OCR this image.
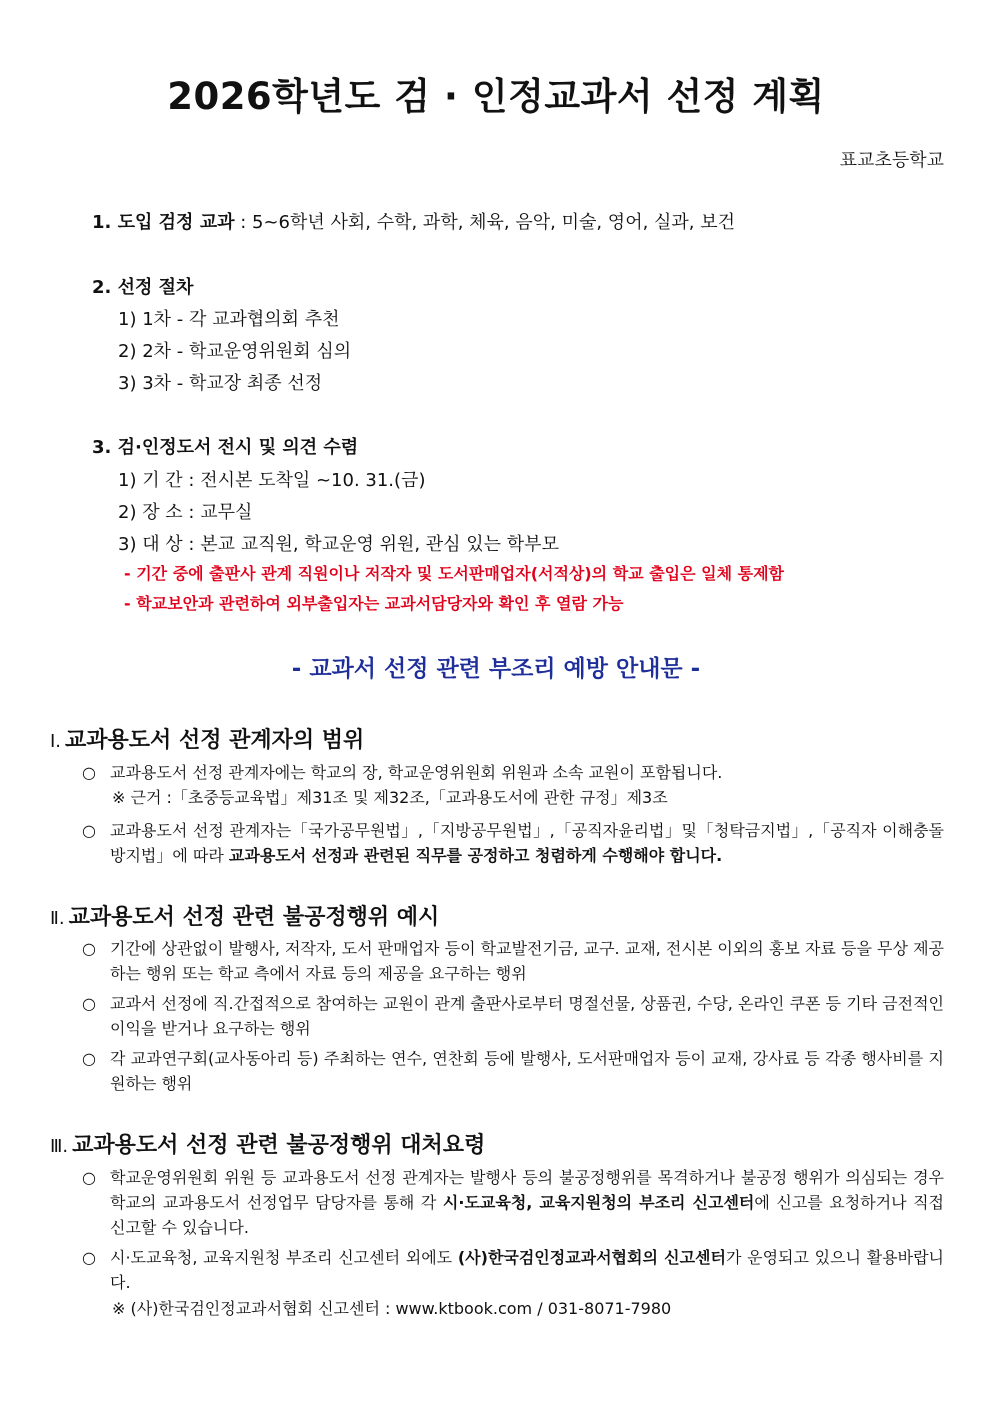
2026학년도 검 · 인정교과서 선정 계획
표교초등학교
1. 도입 검정 교과 : 5~6학년 사회, 수학, 과학, 체육, 음악, 미술, 영어, 실과, 보건
2. 선정 절차
1) 1차 - 각 교과협의회 추천
2) 2차 - 학교운영위원회 심의
3) 3차 - 학교장 최종 선정
3. 검·인정도서 전시 및 의견 수렴
1) 기 간 : 전시본 도착일 ~10. 31.(금)
2) 장 소 : 교무실
3) 대 상 : 본교 교직원, 학교운영 위원, 관심 있는 학부모
- 기간 중에 출판사 관계 직원이나 저작자 및 도서판매업자(서적상)의 학교 출입은 일체 통제함
- 학교보안과 관련하여 외부출입자는 교과서담당자와 확인 후 열람 가능
- 교과서 선정 관련 부조리 예방 안내문 -
Ⅰ. 교과용도서 선정 관계자의 범위
○ 교과용도서 선정 관계자에는 학교의 장, 학교운영위원회 위원과 소속 교원이 포함됩니다.
※ 근거 :「초중등교육법」제31조 및 제32조,「교과용도서에 관한 규정」제3조
○ 교과용도서 선정 관계자는「국가공무원법」,「지방공무원법」,「공직자윤리법」및「청탁금지법」,「공직자 이해충돌방지법」에 따라 교과용도서 선정과 관련된 직무를 공정하고 청렴하게 수행해야 합니다.
Ⅱ. 교과용도서 선정 관련 불공정행위 예시
○ 기간에 상관없이 발행사, 저작자, 도서 판매업자 등이 학교발전기금, 교구. 교재, 전시본 이외의 홍보 자료 등을 무상 제공하는 행위 또는 학교 측에서 자료 등의 제공을 요구하는 행위
○ 교과서 선정에 직.간접적으로 참여하는 교원이 관계 출판사로부터 명절선물, 상품권, 수당, 온라인 쿠폰 등 기타 금전적인 이익을 받거나 요구하는 행위
○ 각 교과연구회(교사동아리 등) 주최하는 연수, 연찬회 등에 발행사, 도서판매업자 등이 교재, 강사료 등 각종 행사비를 지원하는 행위
Ⅲ. 교과용도서 선정 관련 불공정행위 대처요령
○ 학교운영위원회 위원 등 교과용도서 선정 관계자는 발행사 등의 불공정행위를 목격하거나 불공정 행위가 의심되는 경우 학교의 교과용도서 선정업무 담당자를 통해 각 시·도교육청, 교육지원청의 부조리 신고센터에 신고를 요청하거나 직접 신고할 수 있습니다.
○ 시·도교육청, 교육지원청 부조리 신고센터 외에도 (사)한국검인정교과서협회의 신고센터가 운영되고 있으니 활용바랍니다.
※ (사)한국검인정교과서협회 신고센터 : www.ktbook.com / 031-8071-7980
